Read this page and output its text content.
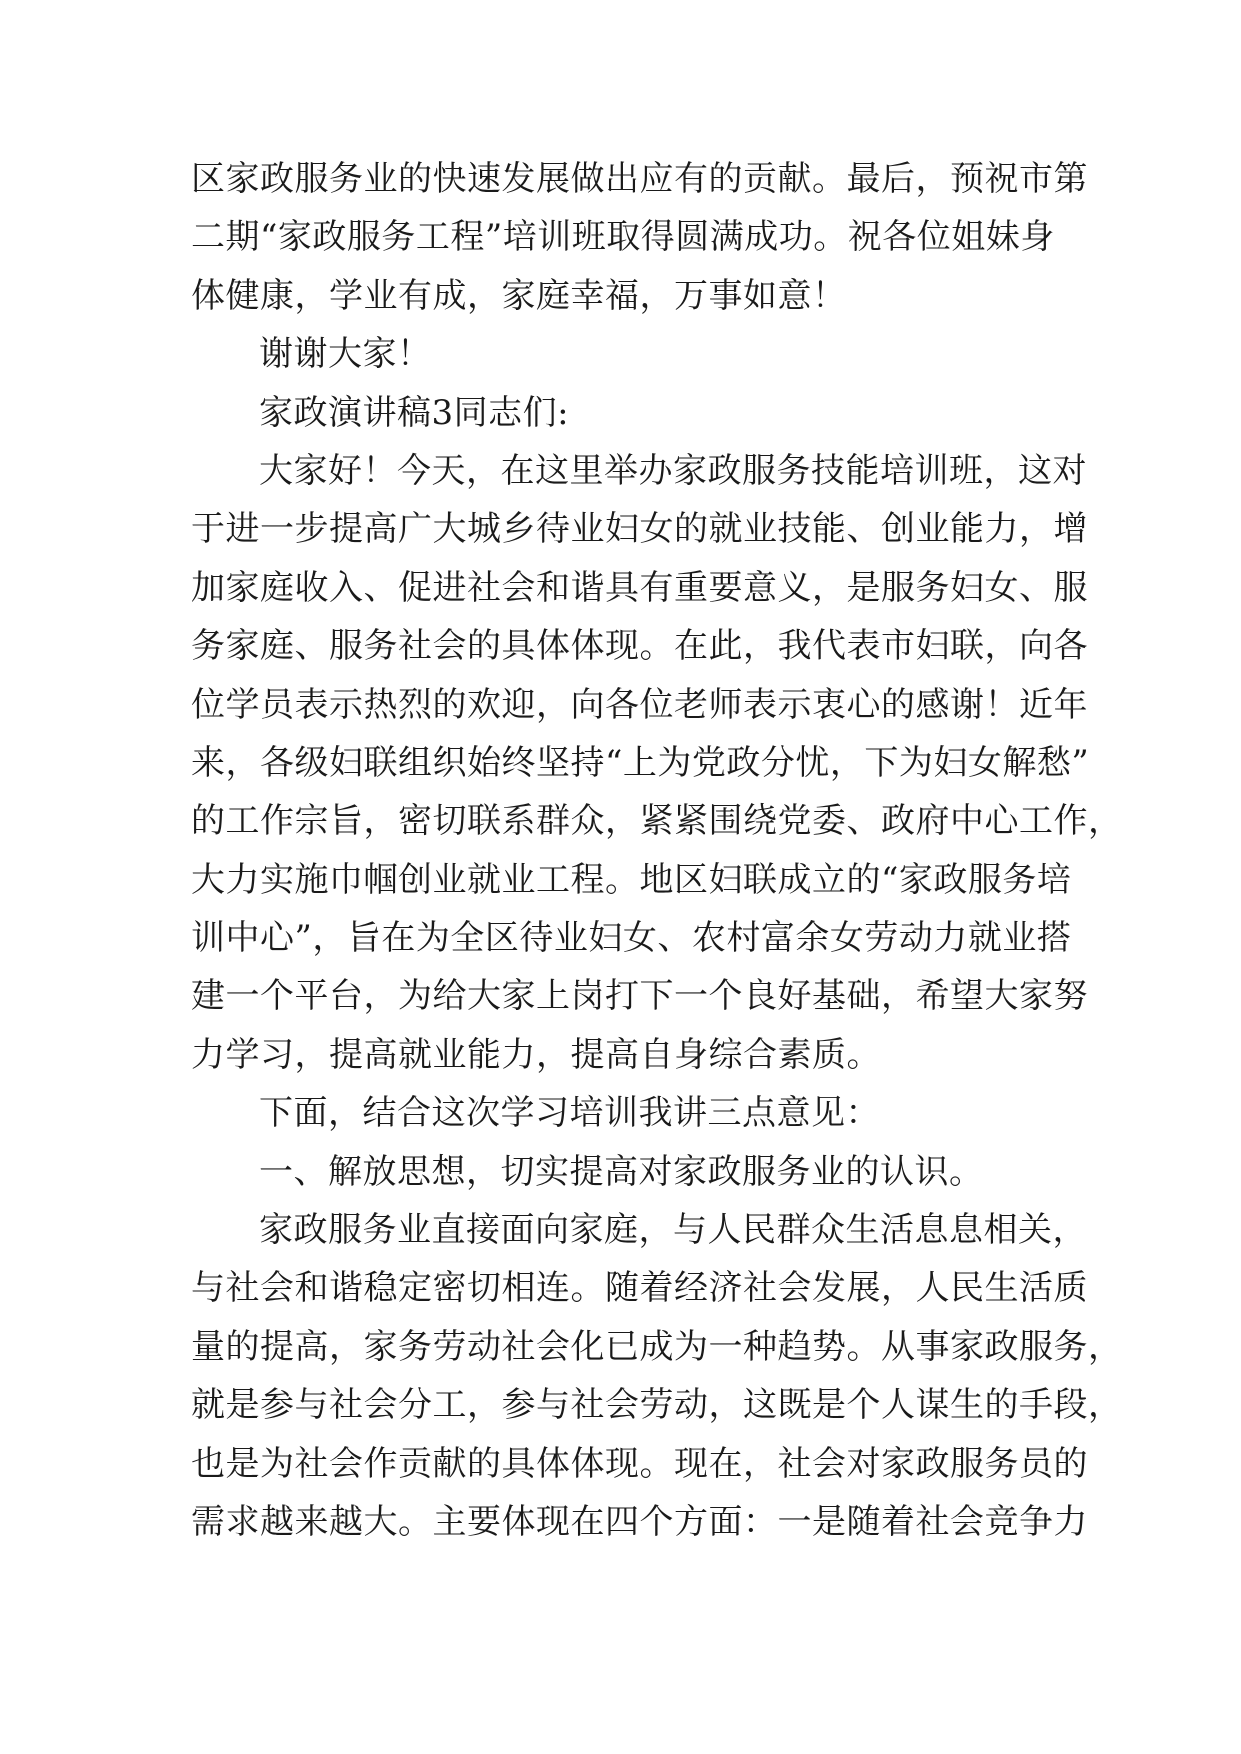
区家政服务业的快速发展做出应有的贡献。最后，预祝市第
二期“家政服务工程”培训班取得圆满成功。祝各位姐妹身
体健康，学业有成，家庭幸福，万事如意！
谢谢大家！
家政演讲稿3同志们:
大家好！今天，在这里举办家政服务技能培训班，这对
于进一步提高广大城乡待业妇女的就业技能、创业能力，增
加家庭收入、促进社会和谐具有重要意义，是服务妇女、服
务家庭、服务社会的具体体现。在此，我代表市妇联，向各
位学员表示热烈的欢迎，向各位老师表示衷心的感谢！近年
来，各级妇联组织始终坚持“上为党政分忧，下为妇女解愁”
的工作宗旨，密切联系群众，紧紧围绕党委、政府中心工作，
大力实施巾帼创业就业工程。地区妇联成立的“家政服务培
训中心”，旨在为全区待业妇女、农村富余女劳动力就业搭
建一个平台，为给大家上岗打下一个良好基础，希望大家努
力学习，提高就业能力，提高自身综合素质。
下面，结合这次学习培训我讲三点意见：
一、解放思想，切实提高对家政服务业的认识。
家政服务业直接面向家庭，与人民群众生活息息相关，
与社会和谐稳定密切相连。随着经济社会发展，人民生活质
量的提高，家务劳动社会化已成为一种趋势。从事家政服务，
就是参与社会分工，参与社会劳动，这既是个人谋生的手段，
也是为社会作贡献的具体体现。现在，社会对家政服务员的
需求越来越大。主要体现在四个方面：一是随着社会竞争力
